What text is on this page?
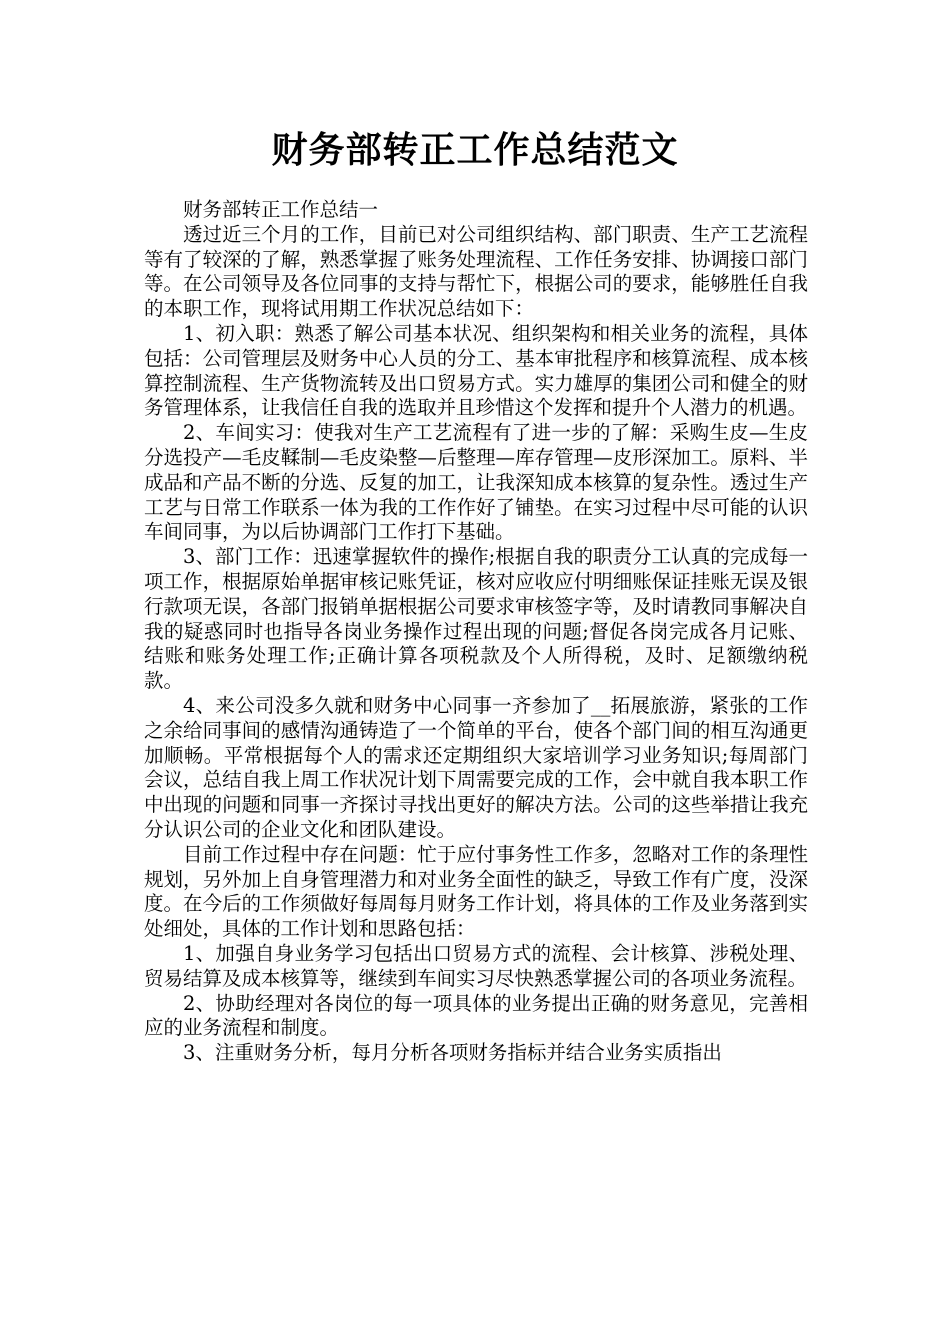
财务部转正工作总结范文

财务部转正工作总结一

透过近三个月的工作，目前已对公司组织结构、部门职责、生产工艺流程等有了较深的了解，熟悉掌握了账务处理流程、工作任务安排、协调接口部门等。在公司领导及各位同事的支持与帮忙下，根据公司的要求，能够胜任自我的本职工作，现将试用期工作状况总结如下：

1、初入职：熟悉了解公司基本状况、组织架构和相关业务的流程，具体包括：公司管理层及财务中心人员的分工、基本审批程序和核算流程、成本核算控制流程、生产货物流转及出口贸易方式。实力雄厚的集团公司和健全的财务管理体系，让我信任自我的选取并且珍惜这个发挥和提升个人潜力的机遇。

2、车间实习：使我对生产工艺流程有了进一步的了解：采购生皮—生皮分选投产—毛皮鞣制—毛皮染整—后整理—库存管理—皮形深加工。原料、半成品和产品不断的分选、反复的加工，让我深知成本核算的复杂性。透过生产工艺与日常工作联系一体为我的工作作好了铺垫。在实习过程中尽可能的认识车间同事，为以后协调部门工作打下基础。

3、部门工作：迅速掌握软件的操作;根据自我的职责分工认真的完成每一项工作，根据原始单据审核记账凭证，核对应收应付明细账保证挂账无误及银行款项无误，各部门报销单据根据公司要求审核签字等，及时请教同事解决自我的疑惑同时也指导各岗业务操作过程出现的问题;督促各岗完成各月记账、结账和账务处理工作;正确计算各项税款及个人所得税，及时、足额缴纳税款。

4、来公司没多久就和财务中心同事一齐参加了__拓展旅游，紧张的工作之余给同事间的感情沟通铸造了一个简单的平台，使各个部门间的相互沟通更加顺畅。平常根据每个人的需求还定期组织大家培训学习业务知识;每周部门会议，总结自我上周工作状况计划下周需要完成的工作，会中就自我本职工作中出现的问题和同事一齐探讨寻找出更好的解决方法。公司的这些举措让我充分认识公司的企业文化和团队建设。

目前工作过程中存在问题：忙于应付事务性工作多，忽略对工作的条理性规划，另外加上自身管理潜力和对业务全面性的缺乏，导致工作有广度，没深度。在今后的工作须做好每周每月财务工作计划，将具体的工作及业务落到实处细处，具体的工作计划和思路包括：

1、加强自身业务学习包括出口贸易方式的流程、会计核算、涉税处理、贸易结算及成本核算等，继续到车间实习尽快熟悉掌握公司的各项业务流程。

2、协助经理对各岗位的每一项具体的业务提出正确的财务意见，完善相应的业务流程和制度。

3、注重财务分析，每月分析各项财务指标并结合业务实质指出
